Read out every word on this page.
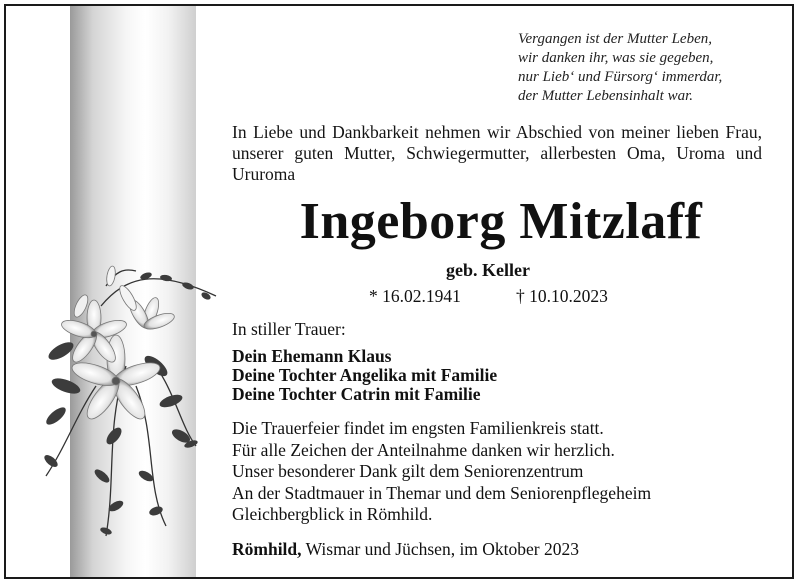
Vergangen ist der Mutter Leben,
wir danken ihr, was sie gegeben,
nur Lieb‘ und Fürsorg‘ immerdar,
der Mutter Lebensinhalt war.
In Liebe und Dankbarkeit nehmen wir Abschied von meiner lieben Frau, unserer guten Mutter, Schwiegermutter, allerbesten Oma, Uroma und Ururoma
Ingeborg Mitzlaff
geb. Keller
* 16.02.1941	† 10.10.2023
In stiller Trauer:
Dein Ehemann Klaus
Deine Tochter Angelika mit Familie
Deine Tochter Catrin mit Familie
Die Trauerfeier findet im engsten Familienkreis statt.
Für alle Zeichen der Anteilnahme danken wir herzlich.
Unser besonderer Dank gilt dem Seniorenzentrum
An der Stadtmauer in Themar und dem Seniorenpflegeheim
Gleichbergblick in Römhild.
Römhild, Wismar und Jüchsen, im Oktober 2023
